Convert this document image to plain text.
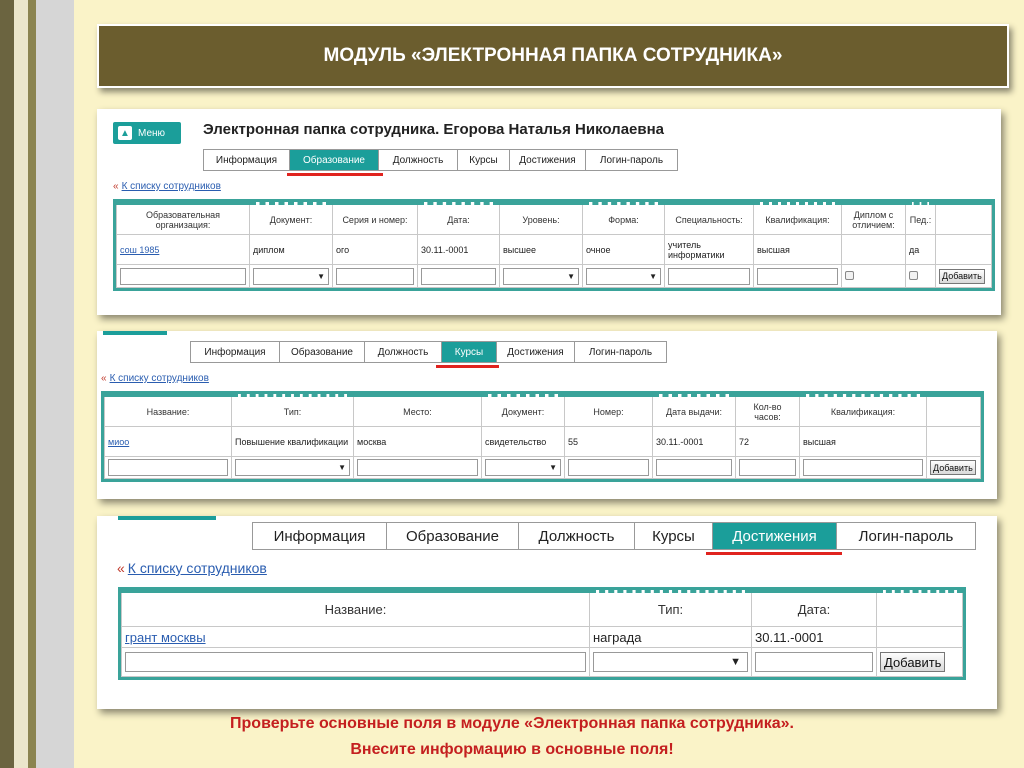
МОДУЛЬ «ЭЛЕКТРОННАЯ ПАПКА СОТРУДНИКА»
▲ Меню	Электронная папка сотрудника. Егорова Наталья Николаевна
Информация	Образование	Должность	Курсы Достижения Логин-пароль
« К списку сотрудников
Образовательная организация:	Документ:	Серия и номер:	Дата:	Уровень:	Форма:	Специальность:	Квалификация:	Диплом с отличием:	Пед.:	
сош 1985	диплом	ого	30.11.-0001	высшее	очное	учитель информатики	высшая		да	

	▼			▼	▼					Добавить
Информация	Образование Должность	Курсы Достижения	Логин-пароль
« К списку сотрудников
Название:	Тип:	Место:	Документ:	Номер:	Дата выдачи:	Кол-во часов:	Квалификация:	
миоо	Повышение квалификации	москва	свидетельство	55	30.11.-0001	72	высшая	

	▼		▼					Добавить
Информация	Образование	Должность	Курсы Достижения	Логин-пароль
« К списку сотрудников
Название:	Тип:	Дата:	
грант москвы	награда	30.11.-0001	

	▼		Добавить
Проверьте основные поля в модуле «Электронная папка сотрудника».
Внесите информацию в основные поля!
